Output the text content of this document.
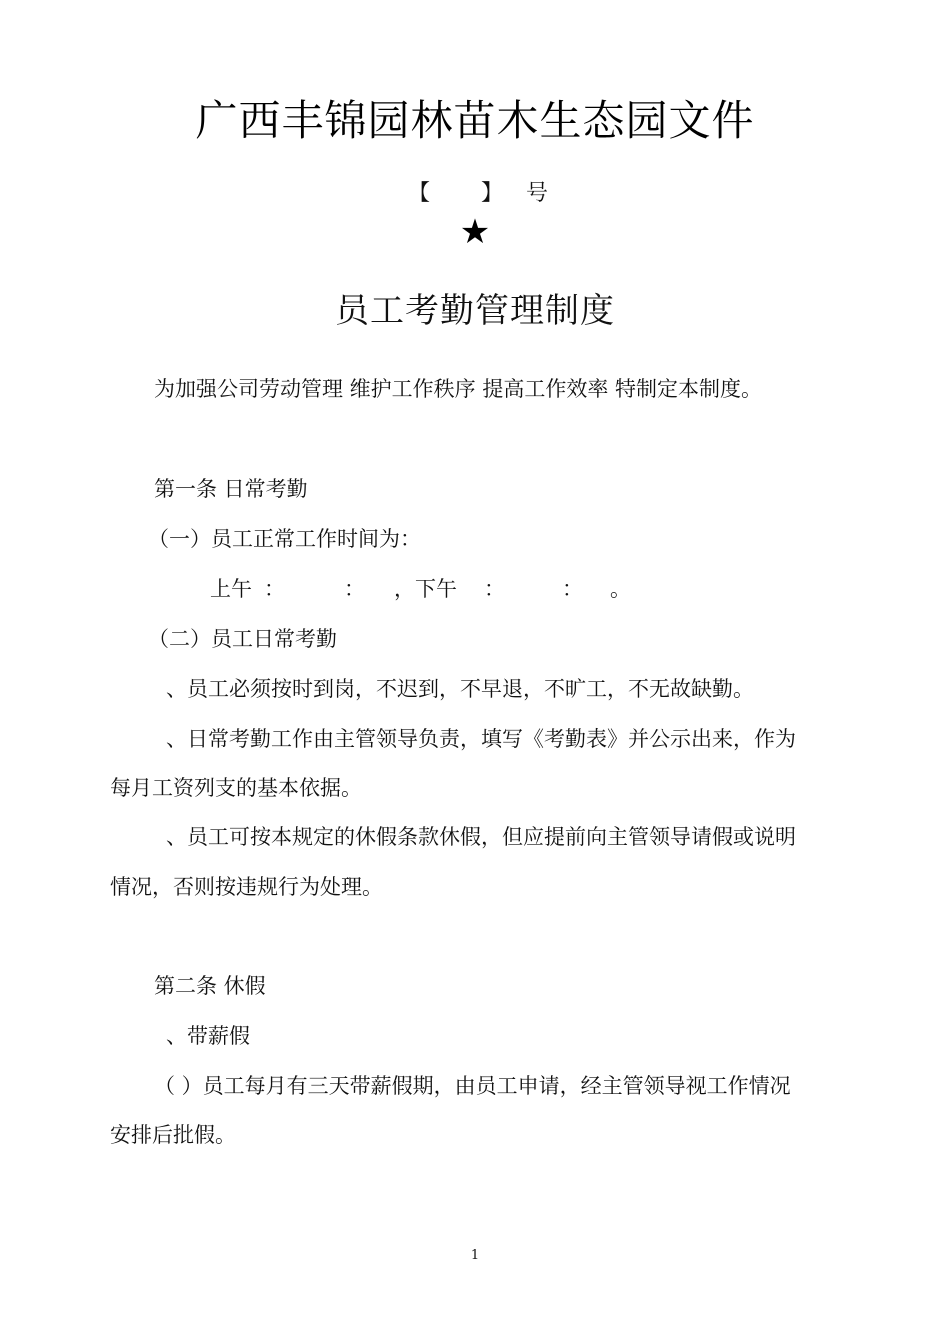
广西丰锦园林苗木生态园文件
【 】 号
★
员工考勤管理制度
为加强公司劳动管理 维护工作秩序 提高工作效率 特制定本制度。
第一条 日常考勤
（一）员工正常工作时间为：
上午 ：	： ，下午 ：	： 。
（二）员工日常考勤
、员工必须按时到岗，不迟到，不早退，不旷工，不无故缺勤。
、日常考勤工作由主管领导负责，填写《考勤表》并公示出来，作为
每月工资列支的基本依据。
、员工可按本规定的休假条款休假，但应提前向主管领导请假或说明
情况，否则按违规行为处理。
第二条 休假
、带薪假
（ ）员工每月有三天带薪假期，由员工申请，经主管领导视工作情况
安排后批假。
1
